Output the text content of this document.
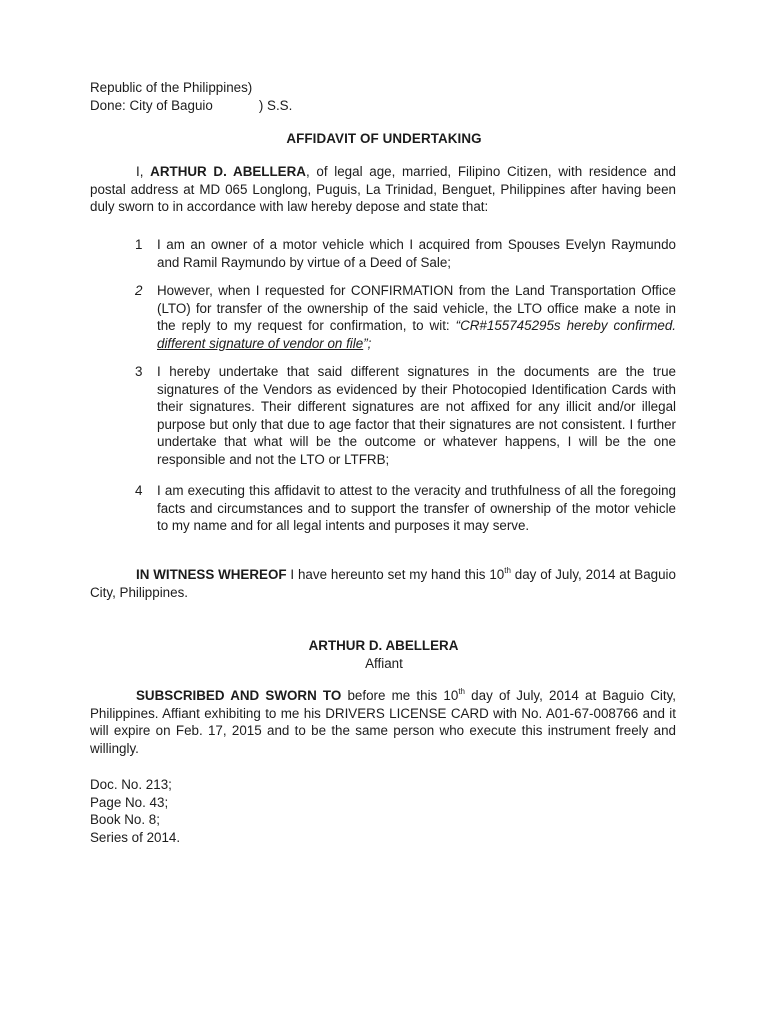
Republic of the Philippines)
Done: City of Baguio	) S.S.
AFFIDAVIT OF UNDERTAKING
I, ARTHUR D. ABELLERA, of legal age, married, Filipino Citizen, with residence and postal address at MD 065 Longlong, Puguis, La Trinidad, Benguet, Philippines after having been duly sworn to in accordance with law hereby depose and state that:
1	I am an owner of a motor vehicle which I acquired from Spouses Evelyn Raymundo and Ramil Raymundo by virtue of a Deed of Sale;
2	However, when I requested for CONFIRMATION from the Land Transportation Office (LTO) for transfer of the ownership of the said vehicle, the LTO office make a note in the reply to my request for confirmation, to wit: “CR#155745295s hereby confirmed. different signature of vendor on file”;
3	I hereby undertake that said different signatures in the documents are the true signatures of the Vendors as evidenced by their Photocopied Identification Cards with their signatures. Their different signatures are not affixed for any illicit and/or illegal purpose but only that due to age factor that their signatures are not consistent. I further undertake that what will be the outcome or whatever happens, I will be the one responsible and not the LTO or LTFRB;
4	I am executing this affidavit to attest to the veracity and truthfulness of all the foregoing facts and circumstances and to support the transfer of ownership of the motor vehicle to my name and for all legal intents and purposes it may serve.
IN WITNESS WHEREOF I have hereunto set my hand this 10th day of July, 2014 at Baguio City, Philippines.
ARTHUR D. ABELLERA
Affiant
SUBSCRIBED AND SWORN TO before me this 10th day of July, 2014 at Baguio City, Philippines. Affiant exhibiting to me his DRIVERS LICENSE CARD with No. A01-67-008766 and it will expire on Feb. 17, 2015 and to be the same person who execute this instrument freely and willingly.
Doc. No. 213;
Page No. 43;
Book No. 8;
Series of 2014.
